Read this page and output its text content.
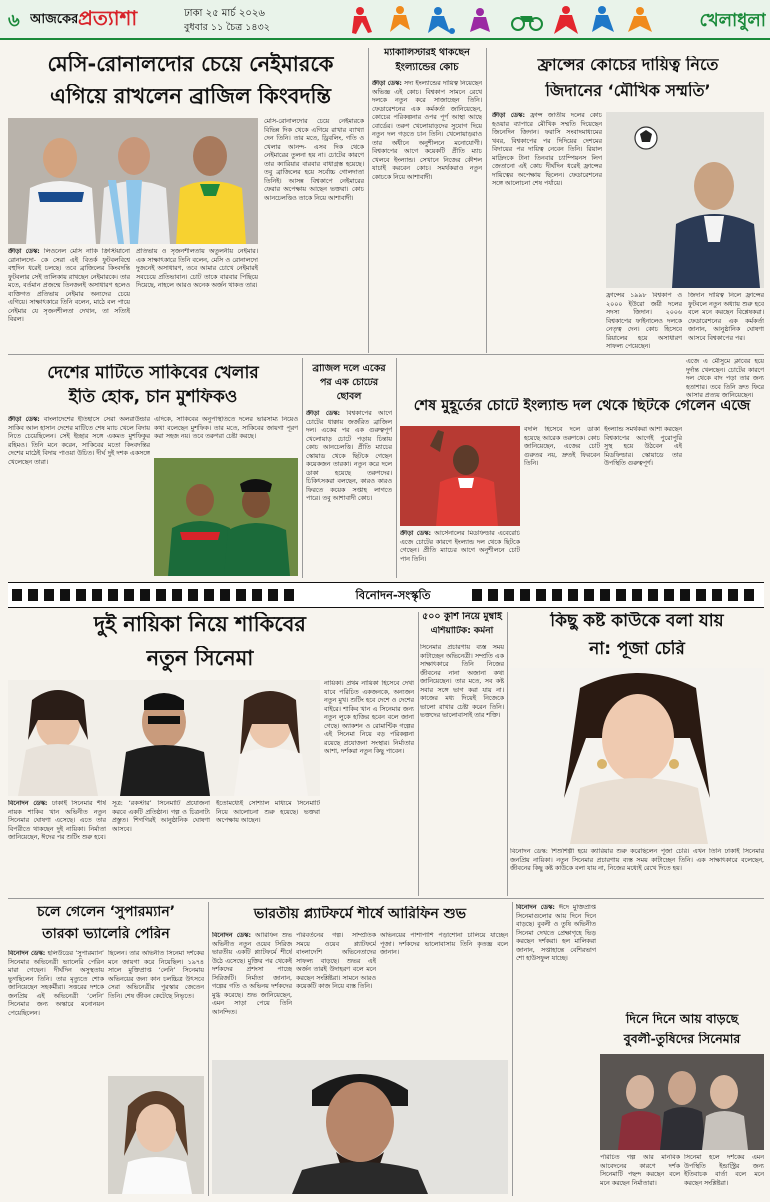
৬ আজকের প্রত্যাশা	ঢাকা ২৫ মার্চ ২০২৬
বুধবার ১১ চৈত্র ১৪৩২	খেলাধুলা
মেসি-রোনালদোর চেয়ে নেইমারকে
এগিয়ে রাখলেন ব্রাজিল কিংবদন্তি
ক্রীড়া ডেস্ক: লিওনেল মেসি নাকি ক্রিস্টিয়ানো রোনালদো- কে সেরা এই বিতর্ক ফুটবলবিশ্বে বহুদিন ধরেই চলছে। তবে ব্রাজিলের কিংবদন্তি ফুটবলার সেই তালিকায় রাখছেন নেইমারকে। তার মতে, বর্তমান প্রজন্মে তিনজনই অসাধারণ হলেও ব্যক্তিগত প্রতিভায় নেইমার অন্যদের চেয়ে এগিয়ে। সাক্ষাৎকারে তিনি বলেন, মাঠে বল পায়ে নেইমার যে সৃজনশীলতা দেখান, তা সত্যিই বিরল।
প্রতিভায় ও সৃজনশীলতায় অতুলনীয় নেইমার। এক সাক্ষাৎকারে তিনি বলেন, মেসি ও রোনালদো দুজনেই অসাধারণ, তবে আমার চোখে নেইমারই সবচেয়ে প্রতিভাবান। চোট তাকে বারবার পিছিয়ে দিয়েছে, নাহলে আরও অনেক অর্জন থাকত তার।
মেসি-রোনালদোর চেয়ে নেইমারকে বিভিন্ন দিক থেকে এগিয়ে রাখার ব্যাখ্যা দেন তিনি। তার মতে, ড্রিবলিং, গতি ও খেলার আনন্দ- এসব দিক থেকে নেইমারের তুলনা হয় না। চোটের কারণে তার ক্যারিয়ার বারবার বাধাগ্রস্ত হয়েছে। তবু ব্রাজিলের হয়ে সর্বোচ্চ গোলদাতা তিনিই। আসন্ন বিশ্বকাপে নেইমারের ফেরার অপেক্ষায় আছেন ভক্তরা। কোচ আনচেলত্তিও তাকে নিয়ে আশাবাদী।
ম্যাকালিস্টারই থাকছেন
ইংল্যান্ডের কোচ
ক্রীড়া ডেস্ক: সদ্য ইংল্যান্ডের দায়িত্ব নিয়েছেন অভিজ্ঞ এই কোচ। বিশ্বকাপ সামনে রেখে দলকে নতুন করে সাজাচ্ছেন তিনি। ফেডারেশনের এক কর্মকর্তা জানিয়েছেন, কোচের পরিকল্পনার ওপর পূর্ণ আস্থা আছে বোর্ডের। তরুণ খেলোয়াড়দের সুযোগ দিয়ে নতুন দল গড়তে চান তিনি। খেলোয়াড়রাও তার অধীনে অনুশীলনে মনোযোগী। বিশ্বকাপের আগে কয়েকটি প্রীতি ম্যাচ খেলবে ইংল্যান্ড। সেখানে নিজের কৌশল যাচাই করবেন কোচ। সমর্থকরাও নতুন কোচকে নিয়ে আশাবাদী।
ফ্রান্সের কোচের দায়িত্ব নিতে
জিদানের ‘মৌখিক সম্মতি’
ক্রীড়া ডেস্ক: ফ্রান্স জাতীয় দলের কোচ হওয়ার ব্যাপারে মৌখিক সম্মতি দিয়েছেন জিনেদিন জিদান। ফরাসি সংবাদমাধ্যমের খবর, বিশ্বকাপের পর দিদিয়ের দেশমের বিদায়ের পর দায়িত্ব নেবেন তিনি। রিয়াল মাদ্রিদকে টানা তিনবার চ্যাম্পিয়নস লিগ জেতানো এই কোচ দীর্ঘদিন ধরেই ফ্রান্সের দায়িত্বের অপেক্ষায় ছিলেন। ফেডারেশনের সঙ্গে আলোচনা শেষ পর্যায়ে।
ফ্রান্সের ১৯৯৮ বিশ্বকাপ ও ২০০০ ইউরো জয়ী দলের সদস্য জিদান। ২০০৬ বিশ্বকাপের ফাইনালেও দলকে নেতৃত্ব দেন। কোচ হিসেবে রিয়ালের হয়ে অসাধারণ সাফল্য পেয়েছেন।
জিদান দায়িত্ব নিলে ফ্রান্সের ফুটবলে নতুন অধ্যায় শুরু হবে বলে মনে করছেন বিশ্লেষকরা। ফেডারেশনের এক কর্মকর্তা জানান, আনুষ্ঠানিক ঘোষণা আসবে বিশ্বকাপের পর।
দেশের মাটিতে সাকিবের খেলার
ইতি হোক, চান মুশফিকও
ক্রীড়া ডেস্ক: বাংলাদেশের ইতিহাসে সেরা অলরাউন্ডার সাকিব আল হাসান দেশের মাটিতে শেষ ম্যাচ খেলে বিদায় নিতে চেয়েছিলেন। সেই ইচ্ছার সঙ্গে একমত মুশফিকুর রহিমও। তিনি মনে করেন, সাকিবের মতো কিংবদন্তির দেশের মাঠেই বিদায় পাওয়া উচিত। দীর্ঘ দুই দশক একসঙ্গে খেলেছেন তারা।
এদিকে, সাকিবের অনুপস্থিতিতে দলের ভারসাম্য নিয়েও কথা বলেছেন মুশফিক। তার মতে, সাকিবের জায়গা পূরণ করা সহজ নয়। তবে তরুণরা চেষ্টা করছে।
ব্রাজিল দলে একের
পর এক চোটের
ছোবল
ক্রীড়া ডেস্ক: বিশ্বকাপের আগে চোটের ধাক্কায় জর্জরিত ব্রাজিল দল। একের পর এক গুরুত্বপূর্ণ খেলোয়াড় চোটে পড়ায় চিন্তায় কোচ আনচেলত্তি। প্রীতি ম্যাচের স্কোয়াড থেকে ছিটকে গেছেন কয়েকজন তারকা। নতুন করে দলে ডাকা হয়েছে তরুণদের। চিকিৎসকরা বলছেন, কারও কারও ফিরতে কয়েক সপ্তাহ লাগতে পারে। তবু আশাবাদী কোচ।
শেষ মুহূর্তের চোটে ইংল্যান্ড দল থেকে ছিটকে গেলেন এজে
ক্রীড়া ডেস্ক: আর্সেনালের মিডফিল্ডার এবেরেচি এজে চোটের কারণে ইংল্যান্ড দল থেকে ছিটকে গেছেন। প্রীতি ম্যাচের আগে অনুশীলনে চোট পান তিনি।
বদলি হিসেবে দলে ডাকা হয়েছে আরেক তরুণকে। কোচ জানিয়েছেন, এজের চোট গুরুতর নয়, দ্রুতই ফিরবেন তিনি।
ইংল্যান্ড সমর্থকরা আশা করছেন বিশ্বকাপের আগেই পুরোপুরি সুস্থ হয়ে উঠবেন এই মিডফিল্ডার। স্কোয়াডে তার উপস্থিতি গুরুত্বপূর্ণ।
এজে এ মৌসুমে ক্লাবের হয়ে দুর্দান্ত খেলছেন। চোটের কারণে দল থেকে বাদ পড়া তার জন্য হতাশার। তবে তিনি দ্রুত ফিরে আসার প্রত্যয় জানিয়েছেন।
বিনোদন-সংস্কৃতি
দুই নায়িকা নিয়ে শাকিবের
নতুন সিনেমা
বিনোদন ডেস্ক: ঢাকাই সিনেমার শীর্ষ নায়ক শাকিব খান অভিনীত নতুন সিনেমার ঘোষণা এসেছে। এতে তার বিপরীতে থাকছেন দুই নায়িকা। নির্মাতা জানিয়েছেন, ঈদের পর শুটিং শুরু হবে।
সূত্র: ‘রকস্টার’ সিনেমাটি প্রযোজনা করবে একটি প্রতিষ্ঠান। গল্প ও চিত্রনাট্য প্রস্তুত। শিগগিরই আনুষ্ঠানিক ঘোষণা আসবে।
ইতোমধ্যেই সোশ্যাল মাধ্যমে সিনেমাটি নিয়ে আলোচনা শুরু হয়েছে। ভক্তরা অপেক্ষায় আছেন।
নায়িকা। প্রথম নায়িকা হিসেবে দেখা যাবে পরিচিত একজনকে, অন্যজন নতুন মুখ। শুটিং হবে দেশে ও দেশের বাইরে। শাকিব খান এ সিনেমার জন্য নতুন লুকে হাজির হবেন বলে জানা গেছে। অ্যাকশন ও রোমান্টিক গল্পের এই সিনেমা নিয়ে বড় পরিকল্পনা রয়েছে প্রযোজনা সংস্থার। নির্মাতার আশা, দর্শকরা নতুন কিছু পাবেন।
৫০০ কুর্শি নিয়ে মুম্বাই
এশিয়াটিক: কর্মনা
সিনেমার প্রচারণায় ব্যস্ত সময় কাটাচ্ছেন অভিনেত্রী। সম্প্রতি এক সাক্ষাৎকারে তিনি নিজের জীবনের নানা অজানা কথা জানিয়েছেন। তার মতে, সব কষ্ট সবার সঙ্গে ভাগ করা যায় না। কাজের মধ্য দিয়েই নিজেকে ভালো রাখার চেষ্টা করেন তিনি। ভক্তদের ভালোবাসাই তার শক্তি।
কিছু কষ্ট কাউকে বলা যায়
না: পূজা চেরি
বিনোদন ডেস্ক: শিশুশিল্পী হয়ে ক্যারিয়ার শুরু করেছিলেন পূজা চেরি। এখন তিনি ঢাকাই সিনেমার জনপ্রিয় নায়িকা। নতুন সিনেমার প্রচারণায় ব্যস্ত সময় কাটাচ্ছেন তিনি। এক সাক্ষাৎকারে বলেছেন, জীবনের কিছু কষ্ট কাউকে বলা যায় না, নিজের মধ্যেই রেখে দিতে হয়।
চলে গেলেন ‘সুপারম্যান’
তারকা ভ্যালেরি পেরিন
বিনোদন ডেস্ক: হলিউডের ‘সুপারম্যান’ সিনেমার অভিনেত্রী ভ্যালেরি পেরিন মারা গেছেন। দীর্ঘদিন অসুস্থতায় ভুগছিলেন তিনি। তার মৃত্যুতে শোক জানিয়েছেন সহকর্মীরা। সত্তরের দশকে জনপ্রিয় এই অভিনেত্রী ‘লেনি’ সিনেমার জন্য অস্কারে মনোনয়ন পেয়েছিলেন।
ছিলেন। তার অভিনীত সিনেমা দর্শকের মনে জায়গা করে নিয়েছিল। ১৯৭৪ সালে মুক্তিপ্রাপ্ত ‘লেনি’ সিনেমায় অভিনয়ের জন্য কান চলচ্চিত্র উৎসবে সেরা অভিনেত্রীর পুরস্কার জেতেন তিনি। শেষ জীবন কেটেছে নিভৃতে।
ভারতীয় প্ল্যাটফর্মে শীর্ষে আরিফিন শুভ
বিনোদন ডেস্ক: আরিফিন শুভ অভিনীত নতুন ওয়েব সিরিজ ভারতীয় একটি প্ল্যাটফর্মে শীর্ষে উঠে এসেছে। মুক্তির পর থেকেই দর্শকদের প্রশংসা পাচ্ছে সিরিজটি। নির্মাতা জানান, গল্পের গতি ও অভিনয় দর্শকদের মুগ্ধ করেছে। শুভ জানিয়েছেন, এমন সাড়া পেয়ে তিনি আনন্দিত।
পরিবর্তনের গল্প। সাম্প্রতিক সময়ে ওয়েব প্ল্যাটফর্মে বাংলাদেশি অভিনেতাদের সাফল্য বাড়ছে। শুভর এই অর্জন তারই উদাহরণ বলে মনে করছেন সংশ্লিষ্টরা। সামনে আরও কয়েকটি কাজ নিয়ে ব্যস্ত তিনি।
অভিনয়ের পাশাপাশি পড়াশোনা চালিয়ে যাচ্ছেন পূজা। দর্শকদের ভালোবাসায় তিনি কৃতজ্ঞ বলে জানান।
দিনে দিনে আয় বাড়ছে
বুবলী-তুষিদের সিনেমার
বিনোদন ডেস্ক: ঈদে মুক্তিপ্রাপ্ত সিনেমাগুলোর আয় দিনে দিনে বাড়ছে। বুবলী ও তুষি অভিনীত সিনেমা দেখতে প্রেক্ষাগৃহে ভিড় করছেন দর্শকরা। হল মালিকরা জানান, সপ্তাহান্তে বেশিরভাগ শো হাউসফুল যাচ্ছে।
পরিচিত গল্প আর মানবিক আবেদনের কারণে দর্শক সিনেমাটি পছন্দ করছেন বলে মনে করছেন নির্মাতারা।
সিনেমা হলে দর্শকের এমন উপস্থিতি ইন্ডাস্ট্রির জন্য ইতিবাচক বার্তা বলে মনে করছেন সংশ্লিষ্টরা।
